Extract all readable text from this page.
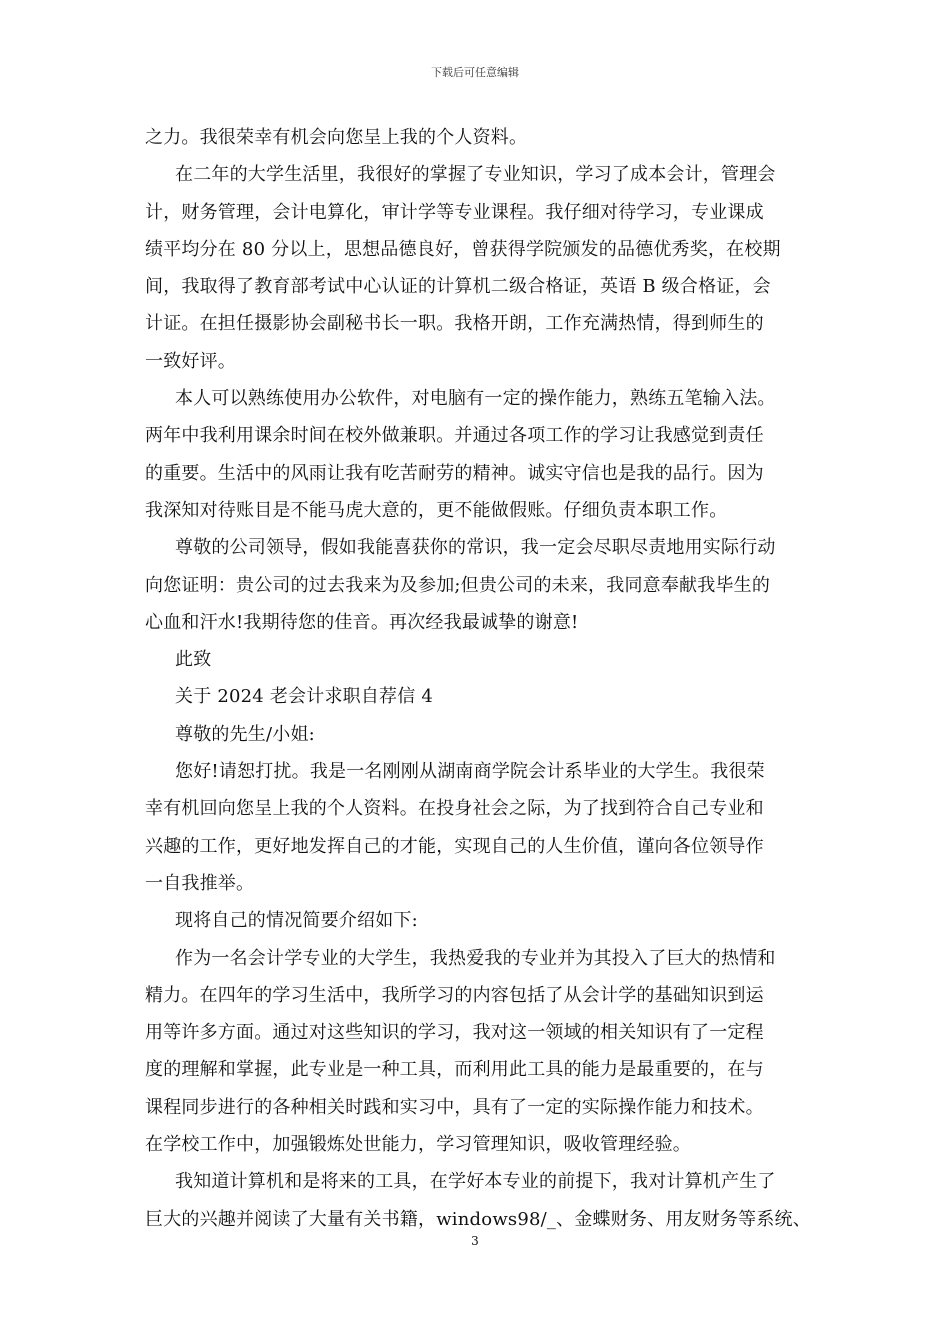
下载后可任意编辑
之力。我很荣幸有机会向您呈上我的个人资料。
在二年的大学生活里，我很好的掌握了专业知识，学习了成本会计，管理会
计，财务管理，会计电算化，审计学等专业课程。我仔细对待学习，专业课成
绩平均分在 80 分以上，思想品德良好，曾获得学院颁发的品德优秀奖，在校期
间，我取得了教育部考试中心认证的计算机二级合格证，英语 B 级合格证，会
计证。在担任摄影协会副秘书长一职。我格开朗，工作充满热情，得到师生的
一致好评。
本人可以熟练使用办公软件，对电脑有一定的操作能力，熟练五笔输入法。
两年中我利用课余时间在校外做兼职。并通过各项工作的学习让我感觉到责任
的重要。生活中的风雨让我有吃苦耐劳的精神。诚实守信也是我的品行。因为
我深知对待账目是不能马虎大意的，更不能做假账。仔细负责本职工作。
尊敬的公司领导，假如我能喜获你的常识，我一定会尽职尽责地用实际行动
向您证明：贵公司的过去我来为及参加;但贵公司的未来，我同意奉献我毕生的
心血和汗水!我期待您的佳音。再次经我最诚挚的谢意!
此致
关于 2024 老会计求职自荐信 4
尊敬的先生/小姐:
您好!请恕打扰。我是一名刚刚从湖南商学院会计系毕业的大学生。我很荣
幸有机回向您呈上我的个人资料。在投身社会之际，为了找到符合自己专业和
兴趣的工作，更好地发挥自己的才能，实现自己的人生价值，谨向各位领导作
一自我推举。
现将自己的情况简要介绍如下:
作为一名会计学专业的大学生，我热爱我的专业并为其投入了巨大的热情和
精力。在四年的学习生活中，我所学习的内容包括了从会计学的基础知识到运
用等许多方面。通过对这些知识的学习，我对这一领域的相关知识有了一定程
度的理解和掌握，此专业是一种工具，而利用此工具的能力是最重要的，在与
课程同步进行的各种相关时践和实习中，具有了一定的实际操作能力和技术。
在学校工作中，加强锻炼处世能力，学习管理知识，吸收管理经验。
我知道计算机和是将来的工具，在学好本专业的前提下，我对计算机产生了
巨大的兴趣并阅读了大量有关书籍，windows98/_、金蝶财务、用友财务等系统、
3
